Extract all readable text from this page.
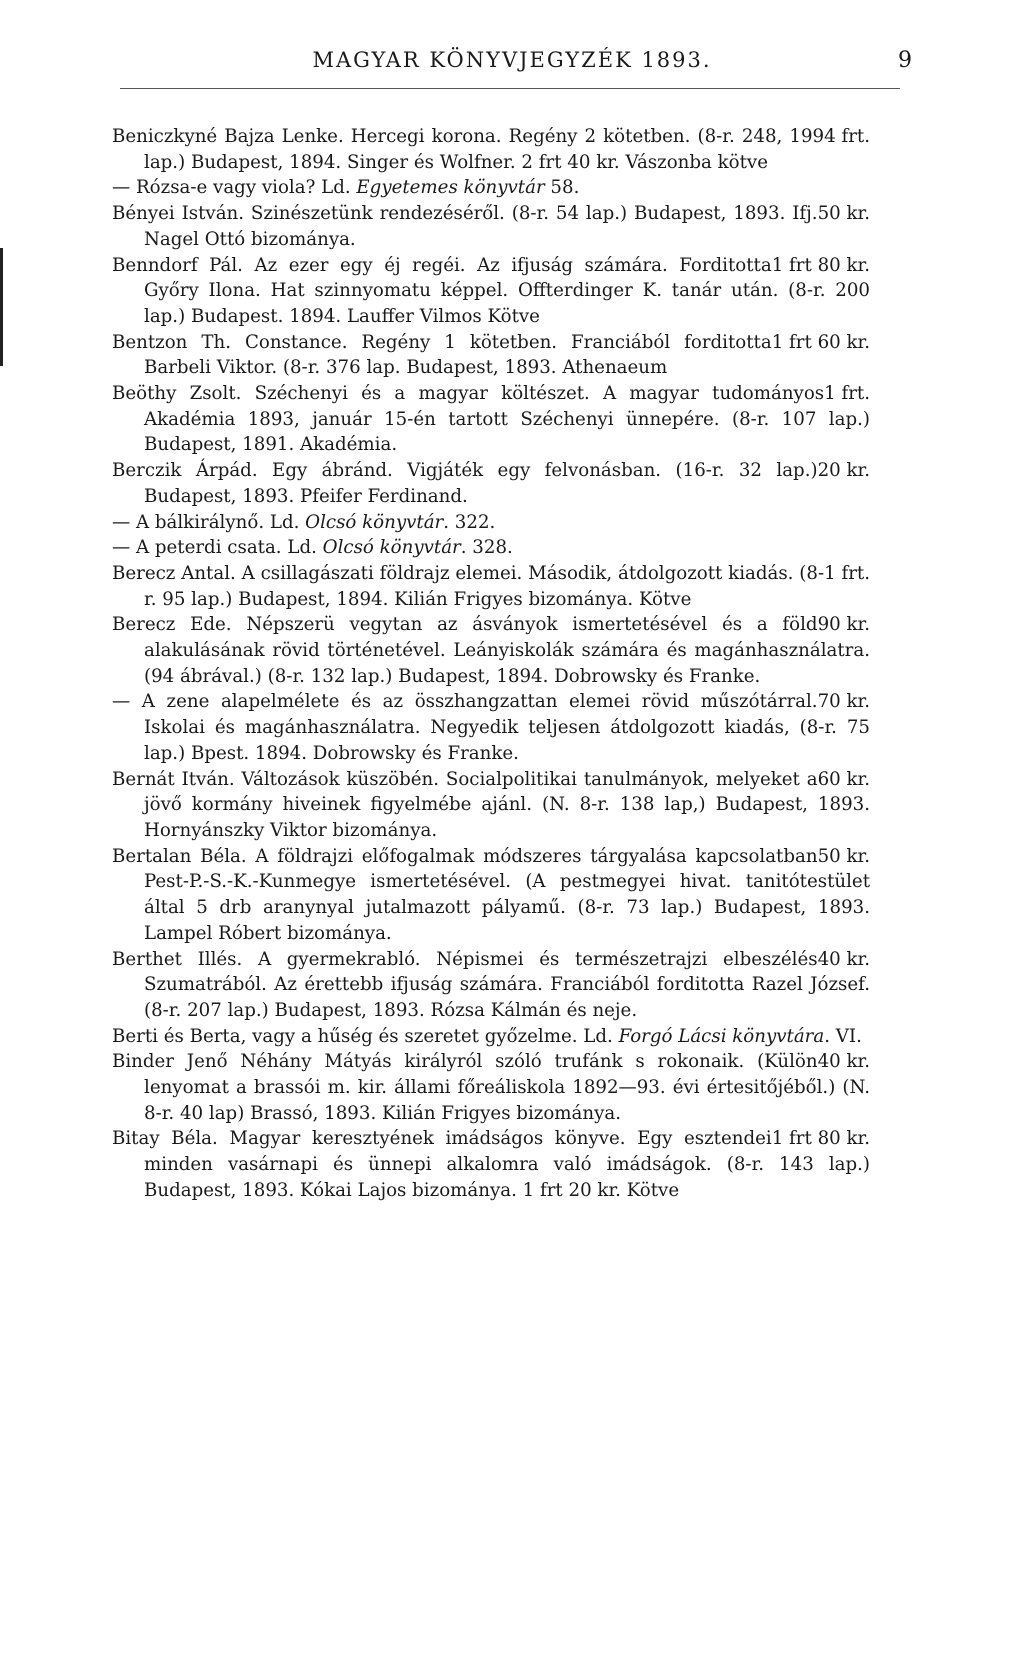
MAGYAR KÖNYVJEGYZÉK 1893.	9

4 frt.
Beniczkyné Bajza Lenke. Hercegi korona. Regény 2 kötetben. (8-r. 248, 199 lap.) Budapest, 1894. Singer és Wolfner. 2 frt 40 kr. Vászonba kötve

— Rózsa-e vagy viola? Ld. Egyetemes könyvtár 58.

50 kr.
Bényei István. Szinészetünk rendezéséről. (8-r. 54 lap.) Budapest, 1893. Ifj. Nagel Ottó bizománya.

1 frt 80 kr.
Benndorf Pál. Az ezer egy éj regéi. Az ifjuság számára. Forditotta Győry Ilona. Hat szinnyomatu képpel. Offterdinger K. tanár után. (8-r. 200 lap.) Budapest. 1894. Lauffer Vilmos Kötve

1 frt 60 kr.
Bentzon Th. Constance. Regény 1 kötetben. Franciából forditotta Barbeli Viktor. (8-r. 376 lap. Budapest, 1893. Athenaeum

1 frt.
Beöthy Zsolt. Széchenyi és a magyar költészet. A magyar tudományos Akadémia 1893, január 15-én tartott Széchenyi ünnepére. (8-r. 107 lap.) Budapest, 1891. Akadémia.

20 kr.
Berczik Árpád. Egy ábránd. Vigjáték egy felvonásban. (16-r. 32 lap.) Budapest, 1893. Pfeifer Ferdinand.

— A bálkirálynő. Ld. Olcsó könyvtár. 322.

— A peterdi csata. Ld. Olcsó könyvtár. 328.

1 frt.
Berecz Antal. A csillagászati földrajz elemei. Második, átdolgozott kiadás. (8-r. 95 lap.) Budapest, 1894. Kilián Frigyes bizománya. Kötve

90 kr.
Berecz Ede. Népszerü vegytan az ásványok ismertetésével és a föld alakulásának rövid történetével. Leányiskolák számára és magánhasználatra. (94 ábrával.) (8-r. 132 lap.) Budapest, 1894. Dobrowsky és Franke.

70 kr.
— A zene alapelmélete és az összhangzattan elemei rövid műszótárral. Iskolai és magánhasználatra. Negyedik teljesen átdolgozott kiadás, (8-r. 75 lap.) Bpest. 1894. Dobrowsky és Franke.

60 kr.
Bernát Itván. Változások küszöbén. Socialpolitikai tanulmányok, melyeket a jövő kormány hiveinek figyelmébe ajánl. (N. 8-r. 138 lap,) Budapest, 1893. Hornyánszky Viktor bizománya.

50 kr.
Bertalan Béla. A földrajzi előfogalmak módszeres tárgyalása kapcsolatban Pest-P.-S.-K.-Kunmegye ismertetésével. (A pestmegyei hivat. tanitótestület által 5 drb aranynyal jutalmazott pályamű. (8-r. 73 lap.) Budapest, 1893. Lampel Róbert bizománya.

40 kr.
Berthet Illés. A gyermekrabló. Népismei és természetrajzi elbeszélés Szumatrából. Az érettebb ifjuság számára. Franciából forditotta Razel József. (8-r. 207 lap.) Budapest, 1893. Rózsa Kálmán és neje.

Berti és Berta, vagy a hűség és szeretet győzelme. Ld. Forgó Lácsi könyvtára. VI.

40 kr.
Binder Jenő Néhány Mátyás királyról szóló trufánk s rokonaik. (Külön lenyomat a brassói m. kir. állami főreáliskola 1892—93. évi értesitőjéből.) (N. 8-r. 40 lap) Brassó, 1893. Kilián Frigyes bizománya.

1 frt 80 kr.
Bitay Béla. Magyar keresztyének imádságos könyve. Egy esztendei minden vasárnapi és ünnepi alkalomra való imádságok. (8-r. 143 lap.) Budapest, 1893. Kókai Lajos bizománya. 1 frt 20 kr. Kötve
